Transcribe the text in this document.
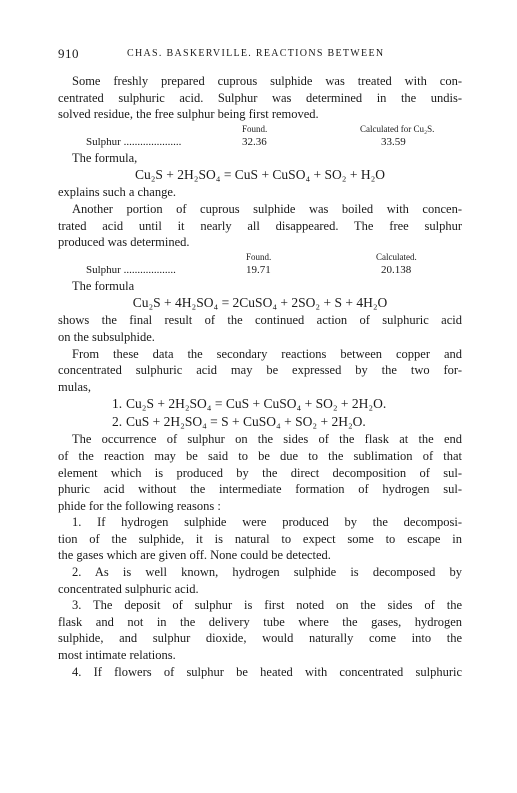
910	CHAS. BASKERVILLE. REACTIONS BETWEEN
Some freshly prepared cuprous sulphide was treated with con-
centrated sulphuric acid. Sulphur was determined in the undis-
solved residue, the free sulphur being first removed.
Found.	Calculated for Cu₂S.
Sulphur .....................	32.36	33.59
The formula,
Cu₂S + 2H₂SO₄ = CuS + CuSO₄ + SO₂ + H₂O
explains such a change.
Another portion of cuprous sulphide was boiled with concen-
trated acid until it nearly all disappeared. The free sulphur
produced was determined.
Found.	Calculated.
Sulphur ...................	19.71	20.138
The formula
Cu₂S + 4H₂SO₄ = 2CuSO₄ + 2SO₂ + S + 4H₂O
shows the final result of the continued action of sulphuric acid
on the subsulphide.
From these data the secondary reactions between copper and
concentrated sulphuric acid may be expressed by the two for-
mulas,
1. Cu₂S + 2H₂SO₄ = CuS + CuSO₄ + SO₂ + 2H₂O.
2. CuS + 2H₂SO₄ = S + CuSO₄ + SO₂ + 2H₂O.
The occurrence of sulphur on the sides of the flask at the end
of the reaction may be said to be due to the sublimation of that
element which is produced by the direct decomposition of sul-
phuric acid without the intermediate formation of hydrogen sul-
phide for the following reasons :
1. If hydrogen sulphide were produced by the decomposi-
tion of the sulphide, it is natural to expect some to escape in
the gases which are given off. None could be detected.
2. As is well known, hydrogen sulphide is decomposed by
concentrated sulphuric acid.
3. The deposit of sulphur is first noted on the sides of the
flask and not in the delivery tube where the gases, hydrogen
sulphide, and sulphur dioxide, would naturally come into the
most intimate relations.
4. If flowers of sulphur be heated with concentrated sulphuric
